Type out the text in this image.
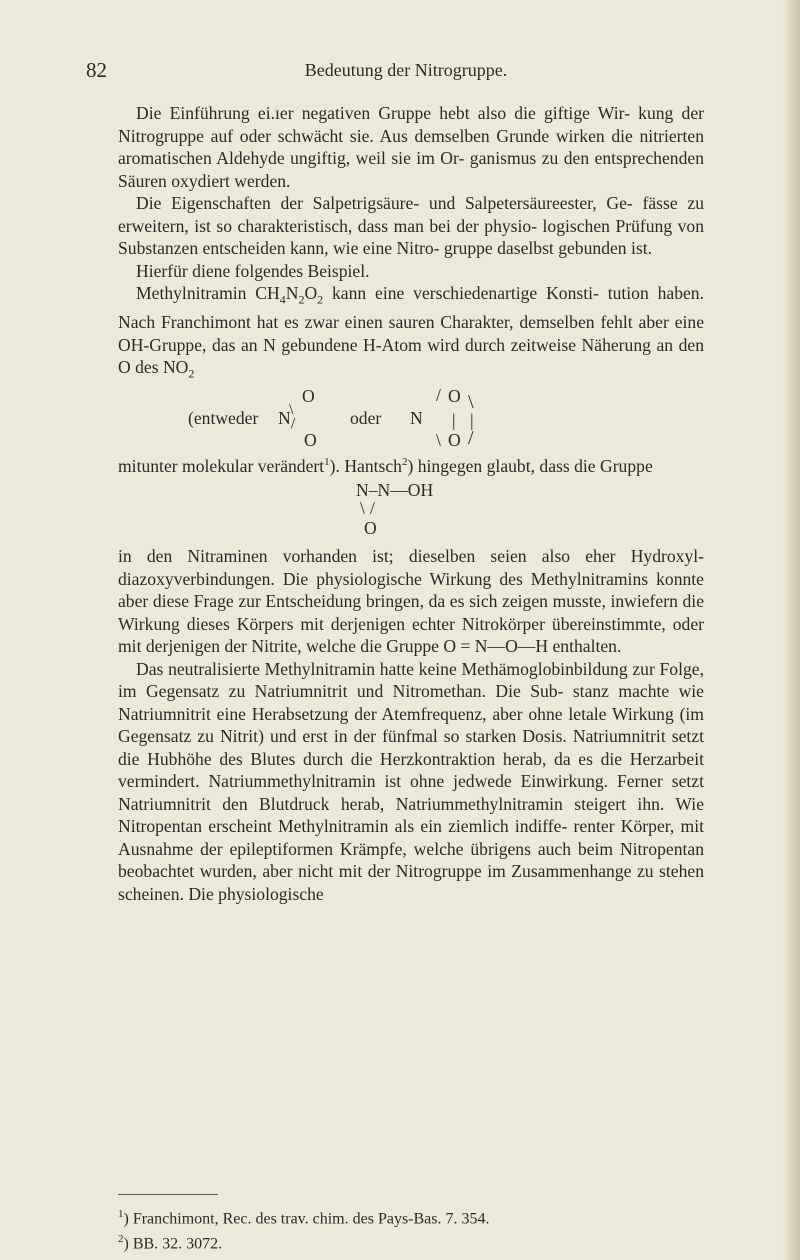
82	Bedeutung der Nitrogruppe.

Die Einführung ei.ıer negativen Gruppe hebt also die giftige Wir- kung der Nitrogruppe auf oder schwächt sie. Aus demselben Grunde wirken die nitrierten aromatischen Aldehyde ungiftig, weil sie im Or- ganismus zu den entsprechenden Säuren oxydiert werden.

Die Eigenschaften der Salpetrigsäure- und Salpetersäureester, Ge- fässe zu erweitern, ist so charakteristisch, dass man bei der physio- logischen Prüfung von Substanzen entscheiden kann, wie eine Nitro- gruppe daselbst gebunden ist.

Hierfür diene folgendes Beispiel.

Methylnitramin $CH_4N_2O_2$ kann eine verschiedenartige Konsti- tution haben. Nach Franchimont hat es zwar einen sauren Charakter, demselben fehlt aber eine OH-Gruppe, das an N gebundene H-Atom wird durch zeitweise Näherung an den O des $NO_2$

(entweder N
/
\
O
O
oder N
/ O
\ O
|
\
|
/

mitunter molekular verändert$^1$). Hantsch$^2$) hingegen glaubt, dass die Gruppe

N–N—OH
\ /
O

in den Nitraminen vorhanden ist; dieselben seien also eher Hydroxyl- diazoxyverbindungen. Die physiologische Wirkung des Methylnitramins konnte aber diese Frage zur Entscheidung bringen, da es sich zeigen musste, inwiefern die Wirkung dieses Körpers mit derjenigen echter Nitrokörper übereinstimmte, oder mit derjenigen der Nitrite, welche die Gruppe O = N—O—H enthalten.

Das neutralisierte Methylnitramin hatte keine Methämoglobinbildung zur Folge, im Gegensatz zu Natriumnitrit und Nitromethan. Die Sub- stanz machte wie Natriumnitrit eine Herabsetzung der Atemfrequenz, aber ohne letale Wirkung (im Gegensatz zu Nitrit) und erst in der fünfmal so starken Dosis. Natriumnitrit setzt die Hubhöhe des Blutes durch die Herzkontraktion herab, da es die Herzarbeit vermindert. Natriummethylnitramin ist ohne jedwede Einwirkung. Ferner setzt Natriumnitrit den Blutdruck herab, Natriummethylnitramin steigert ihn. Wie Nitropentan erscheint Methylnitramin als ein ziemlich indiffe- renter Körper, mit Ausnahme der epileptiformen Krämpfe, welche übrigens auch beim Nitropentan beobachtet wurden, aber nicht mit der Nitrogruppe im Zusammenhange zu stehen scheinen. Die physiologische

$^1$) Franchimont, Rec. des trav. chim. des Pays-Bas. 7. 354.
$^2$) BB. 32. 3072.
